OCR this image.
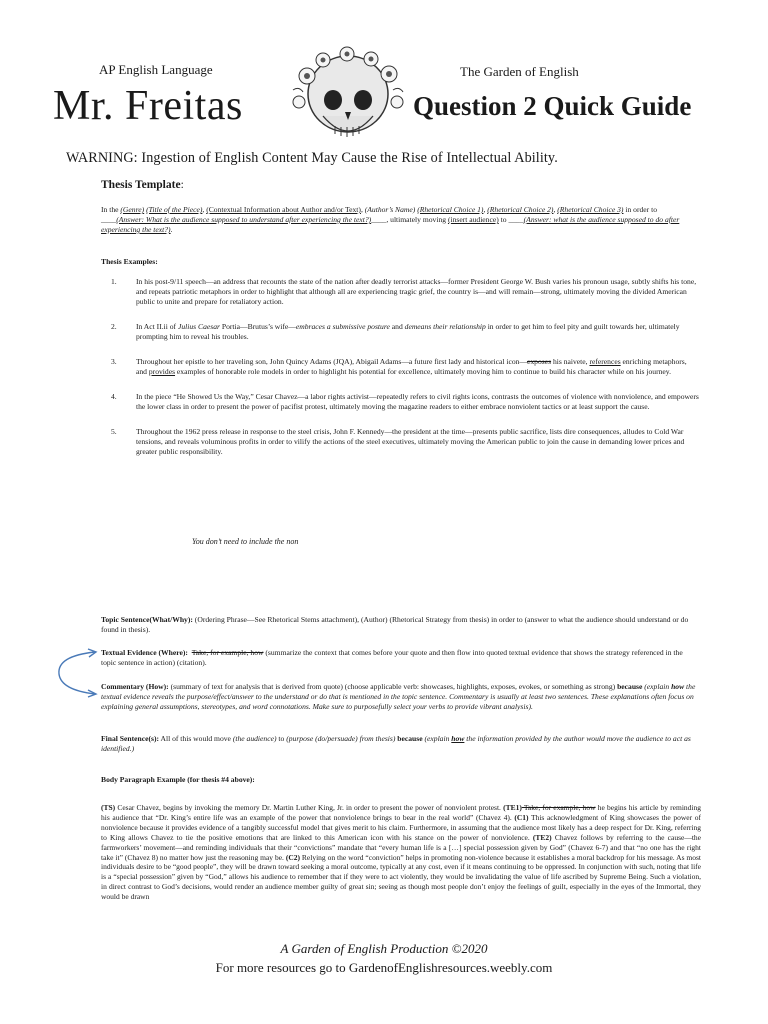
AP English Language	The Garden of English
Mr. Freitas	Question 2 Quick Guide
WARNING: Ingestion of English Content May Cause the Rise of Intellectual Ability.
Thesis Template:
In the (Genre) (Title of the Piece), (Contextual Information about Author and/or Text), (Author’s Name) (Rhetorical Choice 1), (Rhetorical Choice 2), (Rhetorical Choice 3) in order to ____(Answer: What is the audience supposed to understand after experiencing the text?)____, ultimately moving (insert audience) to ____(Answer: what is the audience supposed to do after experiencing the text?).
Thesis Examples:
1.	In his post-9/11 speech—an address that recounts the state of the nation after deadly terrorist attacks—former President George W. Bush varies his pronoun usage, subtly shifts his tone, and repeats patriotic metaphors in order to highlight that although all are experiencing tragic grief, the country is—and will remain—strong, ultimately moving the divided American public to unite and prepare for retaliatory action.
2.	In Act II.ii of Julius Caesar Portia—Brutus’s wife—embraces a submissive posture and demeans their relationship in order to get him to feel pity and guilt towards her, ultimately prompting him to reveal his troubles.
3.	Throughout her epistle to her traveling son, John Quincy Adams (JQA), Abigail Adams—a future first lady and historical icon—exposes his naivete, references enriching metaphors, and provides examples of honorable role models in order to highlight his potential for excellence, ultimately moving him to continue to build his character while on his journey.
4.	In the piece “He Showed Us the Way,” Cesar Chavez—a labor rights activist—repeatedly refers to civil rights icons, contrasts the outcomes of violence with nonviolence, and empowers the lower class in order to present the power of pacifist protest, ultimately moving the magazine readers to either embrace nonviolent tactics or at least support the cause.
5.	Throughout the 1962 press release in response to the steel crisis, John F. Kennedy—the president at the time—presents public sacrifice, lists dire consequences, alludes to Cold War tensions, and reveals voluminous profits in order to vilify the actions of the steel executives, ultimately moving the American public to join the cause in demanding lower prices and greater public responsibility.
You don’t need to include the non
Topic Sentence(What/Why): (Ordering Phrase—See Rhetorical Stems attachment), (Author) (Rhetorical Strategy from thesis) in order to (answer to what the audience should understand or do found in thesis).
Textual Evidence (Where): Take, for example, how (summarize the context that comes before your quote and then flow into quoted textual evidence that shows the strategy referenced in the topic sentence in action) (citation).
Commentary (How): (summary of text for analysis that is derived from quote) (choose applicable verb: showcases, highlights, exposes, evokes, or something as strong) because (explain how the textual evidence reveals the purpose/effect/answer to the understand or do that is mentioned in the topic sentence. Commentary is usually at least two sentences. These explanations often focus on explaining general assumptions, stereotypes, and word connotations. Make sure to purposefully select your verbs to provide vibrant analysis).
Final Sentence(s): All of this would move (the audience) to (purpose (do/persuade) from thesis) because (explain how the information provided by the author would move the audience to act as identified.)
Body Paragraph Example (for thesis #4 above):
(TS) Cesar Chavez, begins by invoking the memory Dr. Martin Luther King, Jr. in order to present the power of nonviolent protest. (TE1) Take, for example, how he begins his article by reminding his audience that “Dr. King’s entire life was an example of the power that nonviolence brings to bear in the real world” (Chavez 4). (C1) This acknowledgment of King showcases the power of nonviolence because it provides evidence of a tangibly successful model that gives merit to his claim. Furthermore, in assuming that the audience most likely has a deep respect for Dr. King, referring to King allows Chavez to tie the positive emotions that are linked to this American icon with his stance on the power of nonviolence. (TE2) Chavez follows by referring to the cause—the farmworkers’ movement—and reminding individuals that their “convictions” mandate that “every human life is a […] special possession given by God” (Chavez 6-7) and that “no one has the right take it” (Chavez 8) no matter how just the reasoning may be. (C2) Relying on the word “conviction” helps in promoting non-violence because it establishes a moral backdrop for his message. As most individuals desire to be “good people”, they will be drawn toward seeking a moral outcome, typically at any cost, even if it means continuing to be oppressed. In conjunction with such, noting that life is a “special possession” given by “God,” allows his audience to remember that if they were to act violently, they would be invalidating the value of life ascribed by Supreme Being. Such a violation, in direct contrast to God’s decisions, would render an audience member guilty of great sin; seeing as though most people don’t enjoy the feelings of guilt, especially in the eyes of the Immortal, they would be drawn
A Garden of English Production ©2020
For more resources go to GardenofEnglishresources.weebly.com
